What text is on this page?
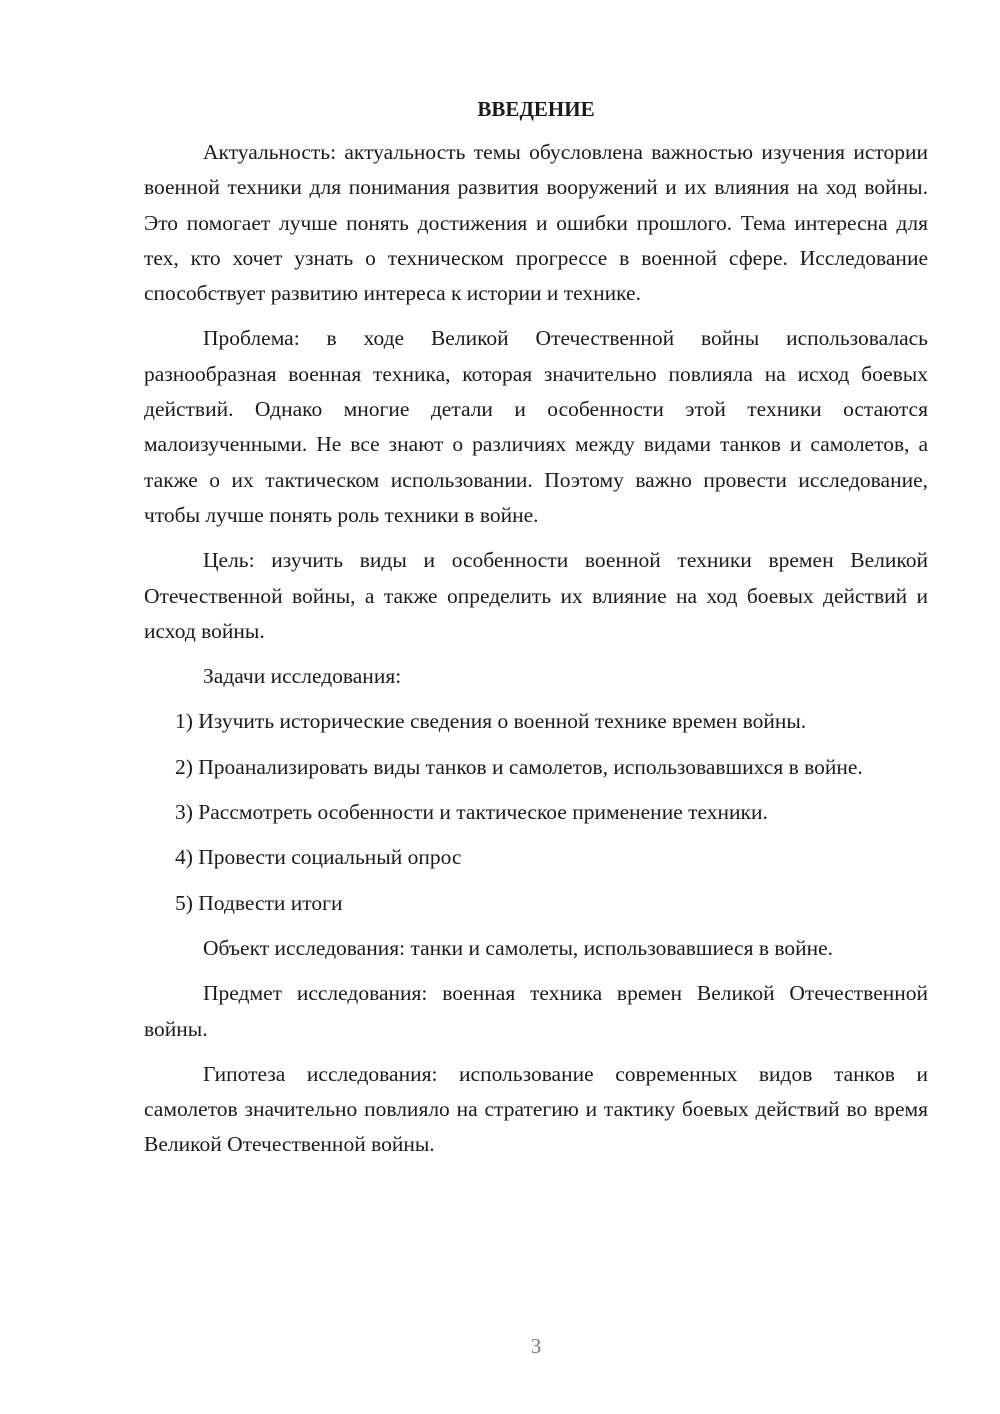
ВВЕДЕНИЕ

Актуальность: актуальность темы обусловлена важностью изучения истории военной техники для понимания развития вооружений и их влияния на ход войны. Это помогает лучше понять достижения и ошибки прошлого. Тема интересна для тех, кто хочет узнать о техническом прогрессе в военной сфере. Исследование способствует развитию интереса к истории и технике.

Проблема: в ходе Великой Отечественной войны использовалась разнообразная военная техника, которая значительно повлияла на исход боевых действий. Однако многие детали и особенности этой техники остаются малоизученными. Не все знают о различиях между видами танков и самолетов, а также о их тактическом использовании. Поэтому важно провести исследование, чтобы лучше понять роль техники в войне.

Цель: изучить виды и особенности военной техники времен Великой Отечественной войны, а также определить их влияние на ход боевых действий и исход войны.

Задачи исследования:

1) Изучить исторические сведения о военной технике времен войны.

2) Проанализировать виды танков и самолетов, использовавшихся в войне.

3) Рассмотреть особенности и тактическое применение техники.

4) Провести социальный опрос

5) Подвести итоги

Объект исследования: танки и самолеты, использовавшиеся в войне.

Предмет исследования: военная техника времен Великой Отечественной войны.

Гипотеза исследования: использование современных видов танков и самолетов значительно повлияло на стратегию и тактику боевых действий во время Великой Отечественной войны.

3
